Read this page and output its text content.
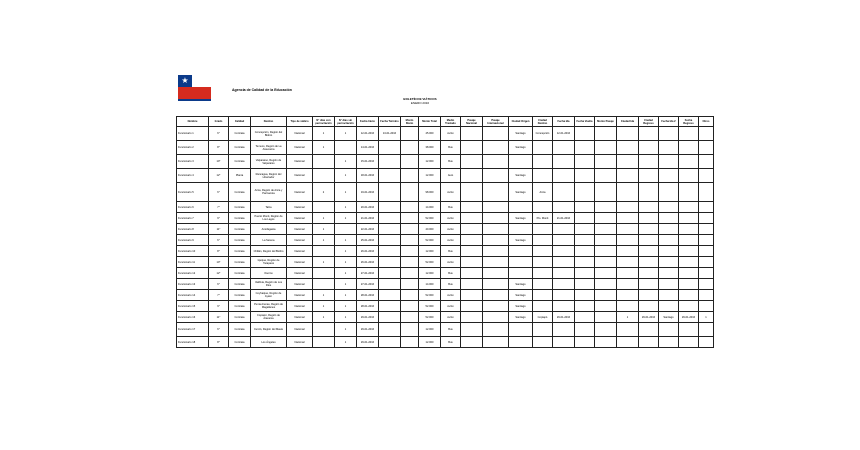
★
Agencia de Calidad de la Educación
BOLETÍN DE VIÁTICOS
ENERO 2016
Nombre	Grado	Calidad	Destino	Tipo de viático	N° días con pernoctación	N° días sin pernoctación	Fecha Inicio	Fecha Término	Monto Diario	Monto Total	Medio Traslado	Pasaje Nacional	Pasaje Internacional	Ciudad Origen	Ciudad Destino	Fecha Ida	Fecha Vuelta	Monto Pasaje	Ciudad Ida	Ciudad Regreso	Fecha Ida 2	Fecha Regreso	Otros
Funcionario 1	6°	Contrata	Concepción, Región del Biobío	Nacional	1	1	12-01-2016	13-01-2016		45.000	Avión			Santiago	Concepción	12-01-2016							
Funcionario 2	8°	Contrata	Temuco, Región de La Araucanía	Nacional	1		14-01-2016			38.000	Bus			Santiago									
Funcionario 3	10°	Contrata	Valparaíso, Región de Valparaíso	Nacional		1	15-01-2016			12.000	Bus												
Funcionario 4	12°	Planta	Rancagua, Región del Libertador	Nacional		1	18-01-2016			12.000	Auto			Santiago									
Funcionario 5	6°	Contrata	Arica, Región de Arica y Parinacota	Nacional	2	1	19-01-2016			98.000	Avión			Santiago	Arica								
Funcionario 6	7°	Contrata	Talca	Nacional		1	20-01-2016			14.000	Bus												
Funcionario 7	9°	Contrata	Puerto Montt, Región de Los Lagos	Nacional	1	1	21-01-2016			52.000	Avión			Santiago	Pto. Montt	21-01-2016							
Funcionario 8	11°	Contrata	Antofagasta	Nacional	1		22-01-2016			40.000	Avión												
Funcionario 9	6°	Contrata	La Serena	Nacional	1	1	25-01-2016			52.000	Avión			Santiago									
Funcionario 10	8°	Contrata	Chillán, Región del Biobío	Nacional		1	26-01-2016			12.000	Bus												
Funcionario 11	10°	Contrata	Iquique, Región de Tarapacá	Nacional	1	1	26-01-2016			52.000	Avión												
Funcionario 12	12°	Contrata	Osorno	Nacional		1	27-01-2016			12.000	Bus												
Funcionario 13	6°	Contrata	Valdivia, Región de Los Ríos	Nacional		1	27-01-2016			14.000	Bus			Santiago									
Funcionario 14	7°	Contrata	Coyhaique, Región de Aysén	Nacional	1	1	28-01-2016			52.000	Avión			Santiago									
Funcionario 15	9°	Contrata	Punta Arenas, Región de Magallanes	Nacional	1	1	28-01-2016			52.000	Avión			Santiago									
Funcionario 16	11°	Contrata	Copiapó, Región de Atacama	Nacional	1	1	29-01-2016			52.000	Avión			Santiago	Copiapó	29-01-2016			1	29-01-2016	Santiago	29-01-2016	1
Funcionario 17	6°	Contrata	Curicó, Región del Maule	Nacional		1	29-01-2016			12.000	Bus												
Funcionario 18	8°	Contrata	Los Ángeles	Nacional		1	29-01-2016			12.000	Bus												
